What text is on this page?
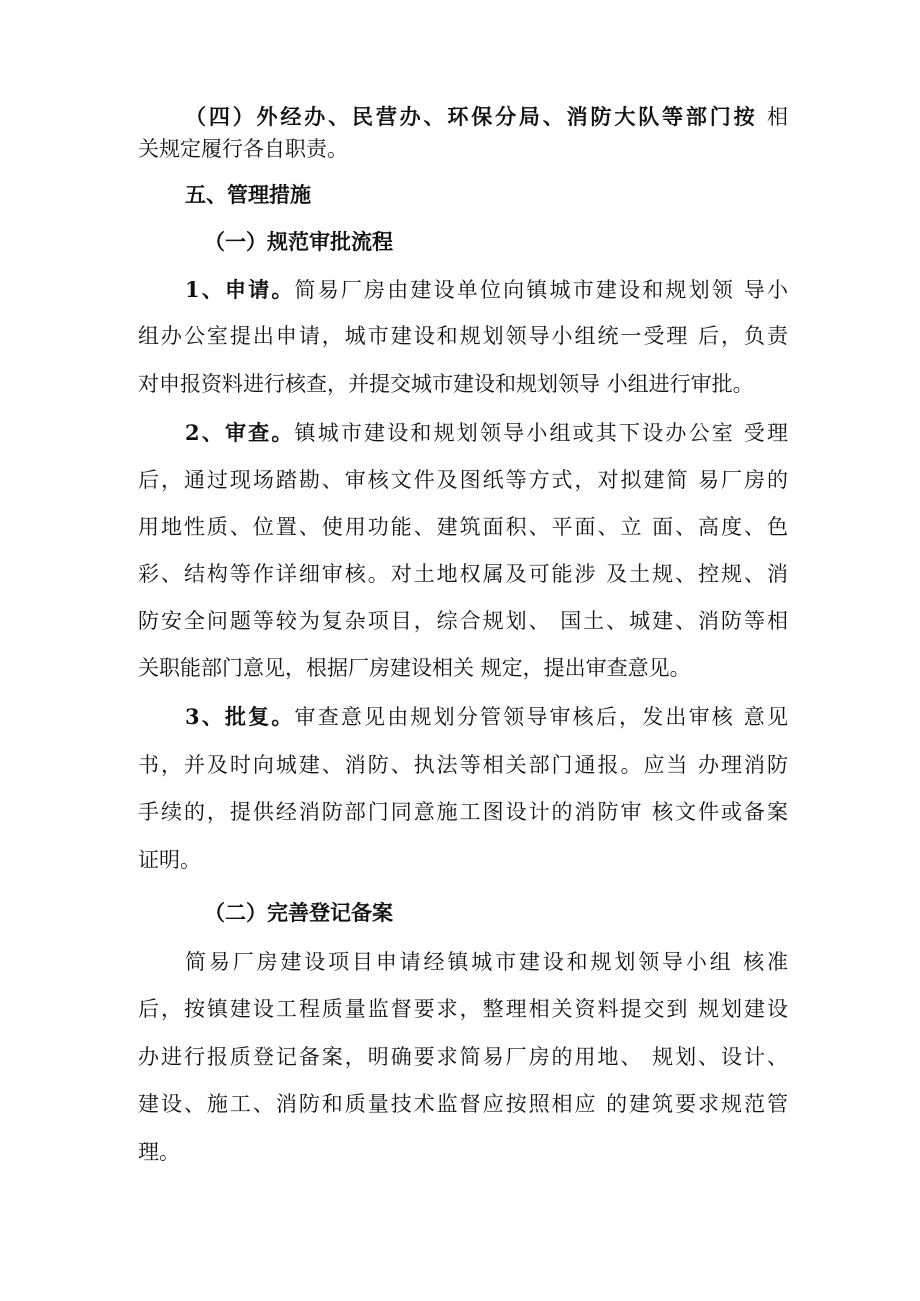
（四）外经办、民营办、环保分局、消防大队等部门按 相
关规定履行各自职责。
五、管理措施
（一）规范审批流程
1、申请。简易厂房由建设单位向镇城市建设和规划领 导小
组办公室提出申请，城市建设和规划领导小组统一受理 后，负责
对申报资料进行核查，并提交城市建设和规划领导 小组进行审批。
2、审查。镇城市建设和规划领导小组或其下设办公室 受理
后，通过现场踏勘、审核文件及图纸等方式，对拟建简 易厂房的
用地性质、位置、使用功能、建筑面积、平面、立 面、高度、色
彩、结构等作详细审核。对土地权属及可能涉 及土规、控规、消
防安全问题等较为复杂项目，综合规划、 国土、城建、消防等相
关职能部门意见，根据厂房建设相关 规定，提出审查意见。
3、批复。审查意见由规划分管领导审核后，发出审核 意见
书，并及时向城建、消防、执法等相关部门通报。应当 办理消防
手续的，提供经消防部门同意施工图设计的消防审 核文件或备案
证明。
（二）完善登记备案
简易厂房建设项目申请经镇城市建设和规划领导小组 核准
后，按镇建设工程质量监督要求，整理相关资料提交到 规划建设
办进行报质登记备案，明确要求简易厂房的用地、 规划、设计、
建设、施工、消防和质量技术监督应按照相应 的建筑要求规范管
理。
